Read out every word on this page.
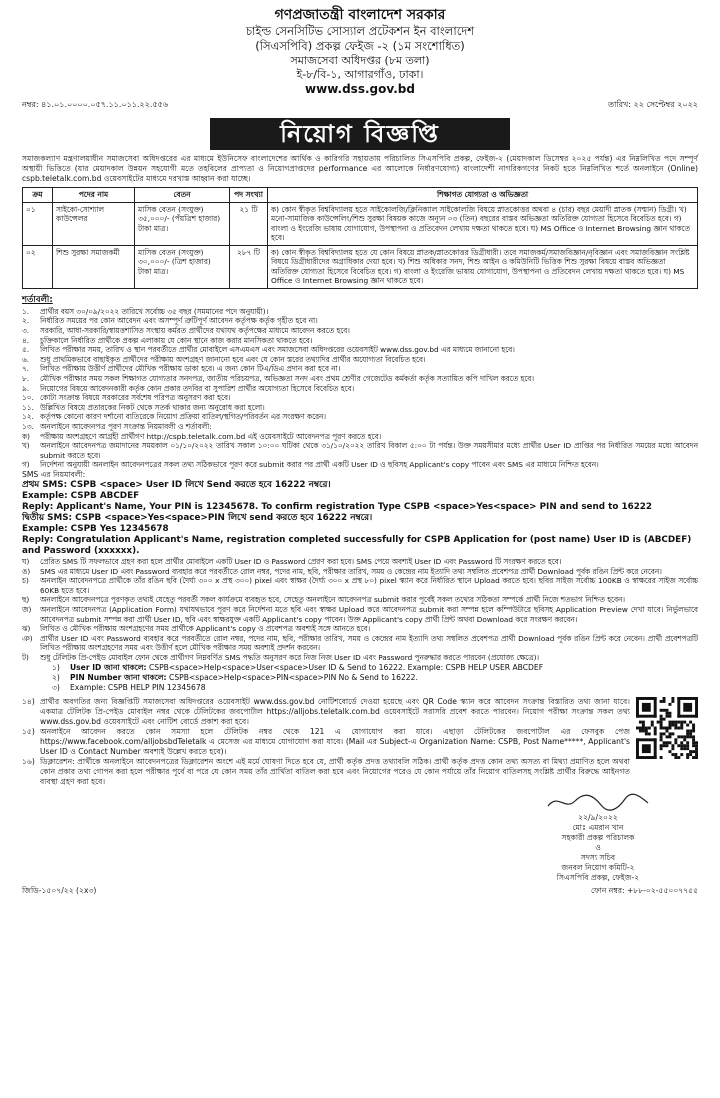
গণপ্রজাতন্ত্রী বাংলাদেশ সরকার
চাইল্ড সেনসিটিভ সোস্যাল প্রটেকশন ইন বাংলাদেশ
(সিএসপিবি) প্রকল্প ফেইজ -২ (১ম সংশোধিত)
সমাজসেবা অধিদপ্তর (৮ম তলা)
ই-৮/বি-১, আগারগাঁও, ঢাকা।
www.dss.gov.bd
নম্বর: ৪১.০১.০০০০.০৫৭.১১.০১১.২২.৫৫৬	তারিখ: ২২ সেপ্টেম্বর ২০২২
নিয়োগ বিজ্ঞপ্তি
সমাজকল্যাণ মন্ত্রণালয়াধীন সমাজসেবা অধিদপ্তরের এর মাধ্যমে ইউনিসেফ বাংলাদেশের আর্থিক ও কারিগরি সহায়তায় পরিচালিত সিএসপিবি প্রকল্প, ফেইজ-২ (মেয়াদকাল ডিসেম্বর ২০২৫ পর্যন্ত) এর নিম্নলিখিত পদে সম্পূর্ণ অস্থায়ী ভিত্তিতে (যার মেয়াদকাল উন্নয়ন সহযোগী মতে তহবিলের প্রাপ্যতা ও নিয়োগপ্রাপ্তদের performance এর আলোকে নির্ধারণযোগ্য) বাংলাদেশী নাগরিকগণের নিকট হতে নিম্নলিখিত শর্তে অনলাইনে (Online) cspb.teletalk.com.bd ওয়েবসাইটের মাধ্যমে দরখাস্ত আহ্বান করা যাচ্ছে।
ক্রম	পদের নাম	বেতন	পদ সংখ্যা	শিক্ষাগত যোগ্যতা ও অভিজ্ঞতা
০১	সাইকো-সোশ্যাল কাউন্সেলর	মাসিক বেতন (সংযুক্ত) ৩৫,০০০/- (পঁয়ত্রিশ হাজার) টাকা মাত্র।	২১ টি	ক) কোন স্বীকৃত বিশ্ববিদ্যালয় হতে সাইকোলজি/ক্লিনিক্যাল সাইকোলজি বিষয়ে স্নাতকোত্তর অথবা ৪ (চার) বছর মেয়াদী স্নাতক (সম্মান) ডিগ্রী। খ) মনো-সামাজিক কাউন্সেলিং/শিশু সুরক্ষা বিষয়ক কাজে অন্যূন ০৩ (তিন) বছরের বাস্তব অভিজ্ঞতা অতিরিক্ত যোগ্যতা হিসেবে বিবেচিত হবে। গ) বাংলা ও ইংরেজি ভাষায় যোগাযোগ, উপস্থাপনা ও প্রতিবেদন লেখায় দক্ষতা থাকতে হবে। ঘ) MS Office ও Internet Browsing জ্ঞান থাকতে হবে।
০২	শিশু সুরক্ষা সমাজকর্মী	মাসিক বেতন (সংযুক্ত) ৩০,০০০/- (ত্রিশ হাজার) টাকা মাত্র।	২৮৭ টি	ক) কোন স্বীকৃত বিশ্ববিদ্যালয় হতে যে কোন বিষয়ে স্নাতক/স্নাতকোত্তর ডিগ্রীধারী। তবে সমাজকর্ম/সমাজবিজ্ঞান/নৃবিজ্ঞান এবং সমাজবিজ্ঞান সংশ্লিষ্ট বিষয়ে ডিগ্রীধারীদের অগ্রাধিকার দেয়া হবে। খ) শিশু অধিকার সনদ, শিশু আইন ও কমিউনিটি ভিত্তিক শিশু সুরক্ষা বিষয়ে বাস্তব অভিজ্ঞতা অতিরিক্ত যোগ্যতা হিসেবে বিবেচিত হবে। গ) বাংলা ও ইংরেজি ভাষায় যোগাযোগ, উপস্থাপনা ও প্রতিবেদন লেখায় দক্ষতা থাকতে হবে। ঘ) MS Office ও Internet Browsing জ্ঞান থাকতে হবে।
শর্তাবলী:
১.	প্রার্থীর বয়স ৩০/০৯/২০২২ তারিখে সর্বোচ্চ ৩৫ বছর (সমমানের পদে অনুযায়ী)।
২.	নির্ধারিত সময়ের পর কোন আবেদন এবং অসম্পূর্ণ ত্রুটিপূর্ণ আবেদন কর্তৃপক্ষ কর্তৃক গৃহীত হবে না।
৩.	সরকারি, আধা-সরকারি/স্বায়ত্তশাসিত সংস্থায় কর্মরত প্রার্থীদের যথাযথ কর্তৃপক্ষের মাধ্যমে আবেদন করতে হবে।
৪.	চুক্তিকালে নির্ধারিত প্রার্থীকে প্রকল্প এলাকায় যে কোন স্থানে কাজ করার মানসিকতা থাকতে হবে।
৫.	লিখিত পরীক্ষার সময়, তারিখ ও স্থান পরবর্তীতে প্রার্থীর মোবাইলে এসএমএস এবং সমাজসেবা অধিদপ্তরের ওয়েবসাইট www.dss.gov.bd এর মাধ্যমে জানানো হবে।
৬.	শুধু প্রাথমিকভাবে বাছাইকৃত প্রার্থীদের পরীক্ষায় অংশগ্রহণ জানানো হবে এবং যে কোন স্তরের তথ্যাদির প্রার্থীর অযোগ্যতা বিবেচিত হবে।
৭.	লিখিত পরীক্ষায় উত্তীর্ণ প্রার্থীদের মৌখিক পরীক্ষায় ডাকা হবে। এ জন্য কোন টিএ/ডিএ প্রদান করা হবে না।
৮.	মৌখিক পরীক্ষার সময় সকল শিক্ষাগত যোগ্যতার সনদপত্র, জাতীয় পরিচয়পত্র, অভিজ্ঞতা সনদ এবং প্রথম শ্রেণীর গেজেটেড কর্মকর্তা কর্তৃক সত্যায়িত কপি দাখিল করতে হবে।
৯.	নিয়োগের বিষয়ে আবেদনকারী কর্তৃক কোন প্রকার তদবির বা সুপারিশ প্রার্থীর অযোগ্যতা হিসেবে বিবেচিত হবে।
১০. কোটা সংক্রান্ত বিষয়ে সরকারের সর্বশেষ পরিপত্র অনুসরণ করা হবে।
১১. উল্লিখিত বিষয়ে প্রতারকের নিকট থেকে সতর্ক থাকার জন্য অনুরোধ করা হলো।
১২. কর্তৃপক্ষ কোনো কারণ দর্শানো ব্যতিরেকে নিয়োগ প্রক্রিয়া বাতিল/স্থগিত/পরিবর্তন এর সংরক্ষণ করেন।
১৩. অনলাইনে আবেদনপত্র পূরণ সংক্রান্ত নিয়মাবলী ও শর্তাবলী:
ক)	পরীক্ষায় অংশগ্রহণে আগ্রহী প্রার্থীগণ http://cspb.teletalk.com.bd এই ওয়েবসাইটে আবেদনপত্র পূরণ করতে হবে।
খ)	অনলাইনে আবেদনপত্র জমাদানের সময়কাল ০১/১০/২০২২ তারিখ সকাল ১০:০০ ঘটিকা থেকে ৩১/১০/২০২২ তারিখ বিকাল ৫:০০ টা পর্যন্ত। উক্ত সময়সীমার মধ্যে প্রার্থীর User ID প্রাপ্তির পর নির্ধারিত সময়ের মধ্যে আবেদন submit করতে হবে।
গ)	নির্দেশনা অনুযায়ী অনলাইন আবেদনপত্রের সকল তথ্য সঠিকভাবে পূরণ করে submit করার পর প্রার্থী একটি User ID ও ছবিসহ Applicant's copy পাবেন এবং SMS এর মাধ্যমে নিশ্চিত হবেন।
SMS এর নিয়মাবলী:
প্রথম SMS: CSPB <space> User ID লিখে Send করতে হবে 16222 নম্বরে।
Example: CSPB ABCDEF
Reply: Applicant's Name, Your PIN is 12345678. To confirm registration Type CSPB <space>Yes<space> PIN and send to 16222
দ্বিতীয় SMS: CSPB <space>Yes<space>PIN লিখে send করতে হবে 16222 নম্বরে।
Example: CSPB Yes 12345678
Reply: Congratulation Applicant's Name, registration completed successfully for CSPB Application for (post name) User ID is (ABCDEF) and Password (xxxxxx).
ঘ)	প্রেরিত SMS টি সফলভাবে গ্রহণ করা হলে প্রার্থীর মোবাইলে একটি User ID ও Password প্রেরণ করা হবে। SMS পেয়ে অবশ্যই User ID এবং Password টি সংরক্ষণ করতে হবে।
ঙ)	SMS এর মাধ্যমে User ID এবং Password ব্যবহার করে পরবর্তীতে রোল নম্বর, পদের নাম, ছবি, পরীক্ষার তারিখ, সময় ও কেন্দ্রের নাম ইত্যাদি তথ্য সম্বলিত প্রবেশপত্র প্রার্থী Download পূর্বক রঙিন প্রিন্ট করে নেবেন।
চ)	অনলাইন আবেদনপত্রে প্রার্থীকে তাঁর রঙিন ছবি (দৈর্ঘ্য ৩০০ x প্রস্থ ৩০০) pixel এবং স্বাক্ষর (দৈর্ঘ্য ৩০০ x প্রস্থ ৮০) pixel স্ক্যান করে নির্ধারিত স্থানে Upload করতে হবে। ছবির সাইজ সর্বোচ্চ 100KB ও স্বাক্ষরের সাইজ সর্বোচ্চ 60KB হতে হবে।
ছ)	অনলাইনে আবেদনপত্রে পূরণকৃত তথ্যই যেহেতু পরবর্তী সকল কার্যক্রমে ব্যবহৃত হবে, সেহেতু অনলাইনে আবেদনপত্র submit করার পূর্বেই সকল তথ্যের সঠিকতা সম্পর্কে প্রার্থী নিজে শতভাগ নিশ্চিত হবেন।
জ)	অনলাইনে আবেদনপত্র (Application Form) যথাযথভাবে পূরণ করে নির্দেশনা মতে ছবি এবং স্বাক্ষর Upload করে আবেদনপত্র submit করা সম্পন্ন হলে কম্পিউটারে ছবিসহ Application Preview দেখা যাবে। নির্ভুলভাবে আবেদনপত্র submit সম্পন্ন করা প্রার্থী User ID, ছবি এবং স্বাক্ষরযুক্ত একটি Applicant's copy পাবেন। উক্ত Applicant's copy প্রার্থী প্রিন্ট অথবা Download করে সংরক্ষণ করবেন।
ঝ)	লিখিত ও মৌখিক পরীক্ষায় অংশগ্রহণের সময় প্রার্থীকে Applicant's copy ও প্রবেশপত্র অবশ্যই সঙ্গে আনতে হবে।
ঞ)	প্রার্থীর User ID এবং Password ব্যবহার করে পরবর্তীতে রোল নম্বর, পদের নাম, ছবি, পরীক্ষার তারিখ, সময় ও কেন্দ্রের নাম ইত্যাদি তথ্য সম্বলিত প্রবেশপত্র প্রার্থী Download পূর্বক রঙিন প্রিন্ট করে নেবেন। প্রার্থী প্রবেশপত্রটি লিখিত পরীক্ষায় অংশগ্রহণের সময় এবং উত্তীর্ণ হলে মৌখিক পরীক্ষার সময় অবশ্যই প্রদর্শন করবেন।
ট)	শুধু টেলিটক প্রি-পেইড মোবাইল ফোন থেকে প্রার্থীগণ নিম্নবর্ণিত SMS পদ্ধতি অনুসরণ করে নিজ নিজ User ID এবং Password পুনরুদ্ধার করতে পারবেন (প্রযোজ্য ক্ষেত্রে)।
১)	User ID জানা থাকলে: CSPB<space>Help<space>User<space>User ID & Send to 16222. Example: CSPB HELP USER ABCDEF
২)	PIN Number জানা থাকলে: CSPB<space>Help<space>PIN<space>PIN No & Send to 16222.
৩)	Example: CSPB HELP PIN 12345678
১৪) প্রার্থীর অবগতির জন্য বিজ্ঞপ্তিটি সমাজসেবা অধিদপ্তরের ওয়েবসাইট www.dss.gov.bd নোটিশবোর্ডে দেওয়া হয়েছে এবং QR Code স্ক্যান করে আবেদন সংক্রান্ত বিস্তারিত তথ্য জানা যাবে। একমাত্র টেলিটক প্রি-পেইড মোবাইল নম্বর থেকে টেলিটকের জবপোর্টাল https://alljobs.teletalk.com.bd ওয়েবসাইটে সরাসরি প্রবেশ করতে পারবেন। নিয়োগ পরীক্ষা সংক্রান্ত সকল তথ্য www.dss.gov.bd ওয়েবসাইটে এবং নোটিশ বোর্ডে প্রকাশ করা হবে।
১৫) অনলাইনে আবেদন করতে কোন সমস্যা হলে টেলিটক নম্বর থেকে 121 এ যোগাযোগ করা যাবে। এছাড়া টেলিটকের জবপোর্টাল এর ফেসবুক পেজ https://www.facebook.com/alljobsbdTeletalk এ মেসেজ এর মাধ্যমে যোগাযোগ করা যাবে। (Mail এর Subject-এ Organization Name: CSPB, Post Name*****, Applicant's User ID ও Contact Number অবশ্যই উল্লেখ করতে হবে)।
১৬) ডিক্লারেশন: প্রার্থীকে অনলাইনে আবেদনপত্রের ডিক্লারেশন অংশে এই মর্মে ঘোষণা দিতে হবে যে, প্রার্থী কর্তৃক প্রদত্ত তথ্যাবলি সঠিক। প্রার্থী কর্তৃক প্রদত্ত কোন তথ্য অসত্য বা মিথ্যা প্রমাণিত হলে অথবা কোন প্রকার তথ্য গোপন করা হলে পরীক্ষার পূর্বে বা পরে যে কোন সময় তাঁর প্রার্থিতা বাতিল করা হবে এবং নিয়োগের পরেও যে কোন পর্যায়ে তাঁর নিয়োগ বাতিলসহ সংশ্লিষ্ট প্রার্থীর বিরুদ্ধে আইনগত ব্যবস্থা গ্রহণ করা হবে।
২২/৯/২০২২
মোঃ এমরান খান
সহকারী প্রকল্প পরিচালক
ও
সদস্য সচিব
জনবল নিয়োগ কমিটি-২
সিএসপিবি প্রকল্প, ফেইজ-২
জিডি-১৫০৭/২২ (২x৩)	ফোন নম্বর: +৮৮-০২-৫৫০০৭৭৫৫
